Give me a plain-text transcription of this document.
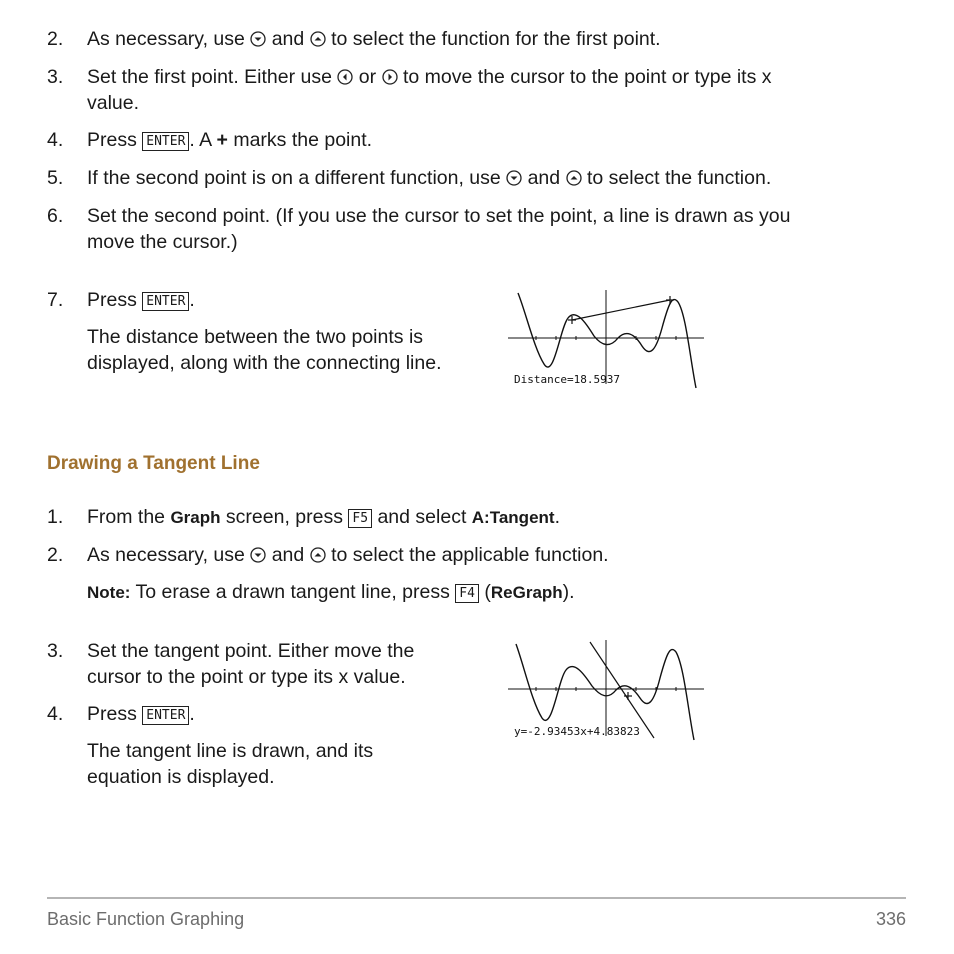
2.	As necessary, use
and
to select the function for the first point.
3.	Set the first point. Either use
or
to move the cursor to the point or type its x
value.
4.	Press ENTER . A + marks the point.
5.	If the second point is on a different function, use
and
to select the function.
6.	Set the second point. (If you use the cursor to set the point, a line is drawn as you
move the cursor.)
7.	Press ENTER .
The distance between the two points is
displayed, along with the connecting line.
Distance=18.5937
Drawing a Tangent Line
1.	From the Graph screen, press F5 and select A:Tangent.
2.	As necessary, use
and
to select the applicable function.
Note: To erase a drawn tangent line, press F4 (ReGraph).
3.	Set the tangent point. Either move the
cursor to the point or type its x value.
4.	Press ENTER .
The tangent line is drawn, and its
equation is displayed.
y=-2.93453x+4.83823
Basic Function Graphing	336
